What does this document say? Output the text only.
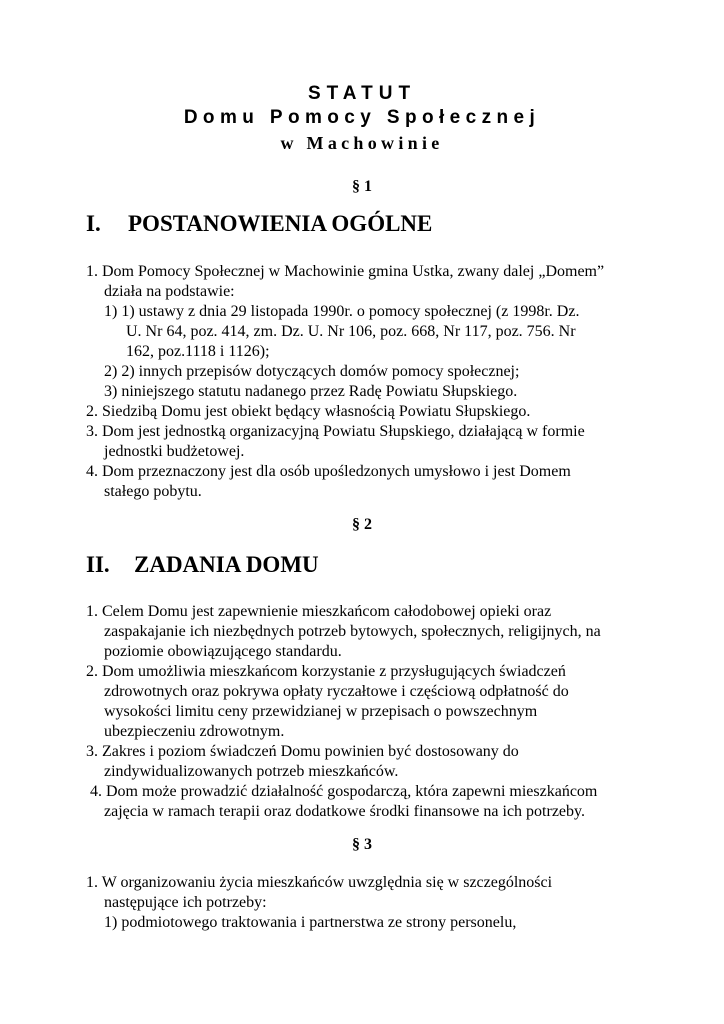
STATUT
Domu Pomocy Społecznej
w Machowinie
§ 1
I. POSTANOWIENIA OGÓLNE
1. Dom Pomocy Społecznej w Machowinie gmina Ustka, zwany dalej „Domem”
działa na podstawie:
1) 1) ustawy z dnia 29 listopada 1990r. o pomocy społecznej (z 1998r. Dz.
U. Nr 64, poz. 414, zm. Dz. U. Nr 106, poz. 668, Nr 117, poz. 756. Nr
162, poz.1118 i 1126);
2) 2) innych przepisów dotyczących domów pomocy społecznej;
3) niniejszego statutu nadanego przez Radę Powiatu Słupskiego.
2. Siedzibą Domu jest obiekt będący własnością Powiatu Słupskiego.
3. Dom jest jednostką organizacyjną Powiatu Słupskiego, działającą w formie
jednostki budżetowej.
4. Dom przeznaczony jest dla osób upośledzonych umysłowo i jest Domem
stałego pobytu.
§ 2
II. ZADANIA DOMU
1. Celem Domu jest zapewnienie mieszkańcom całodobowej opieki oraz
zaspakajanie ich niezbędnych potrzeb bytowych, społecznych, religijnych, na
poziomie obowiązującego standardu.
2. Dom umożliwia mieszkańcom korzystanie z przysługujących świadczeń
zdrowotnych oraz pokrywa opłaty ryczałtowe i częściową odpłatność do
wysokości limitu ceny przewidzianej w przepisach o powszechnym
ubezpieczeniu zdrowotnym.
3. Zakres i poziom świadczeń Domu powinien być dostosowany do
zindywidualizowanych potrzeb mieszkańców.
4. Dom może prowadzić działalność gospodarczą, która zapewni mieszkańcom
zajęcia w ramach terapii oraz dodatkowe środki finansowe na ich potrzeby.
§ 3
1. W organizowaniu życia mieszkańców uwzględnia się w szczególności
następujące ich potrzeby:
1) podmiotowego traktowania i partnerstwa ze strony personelu,
